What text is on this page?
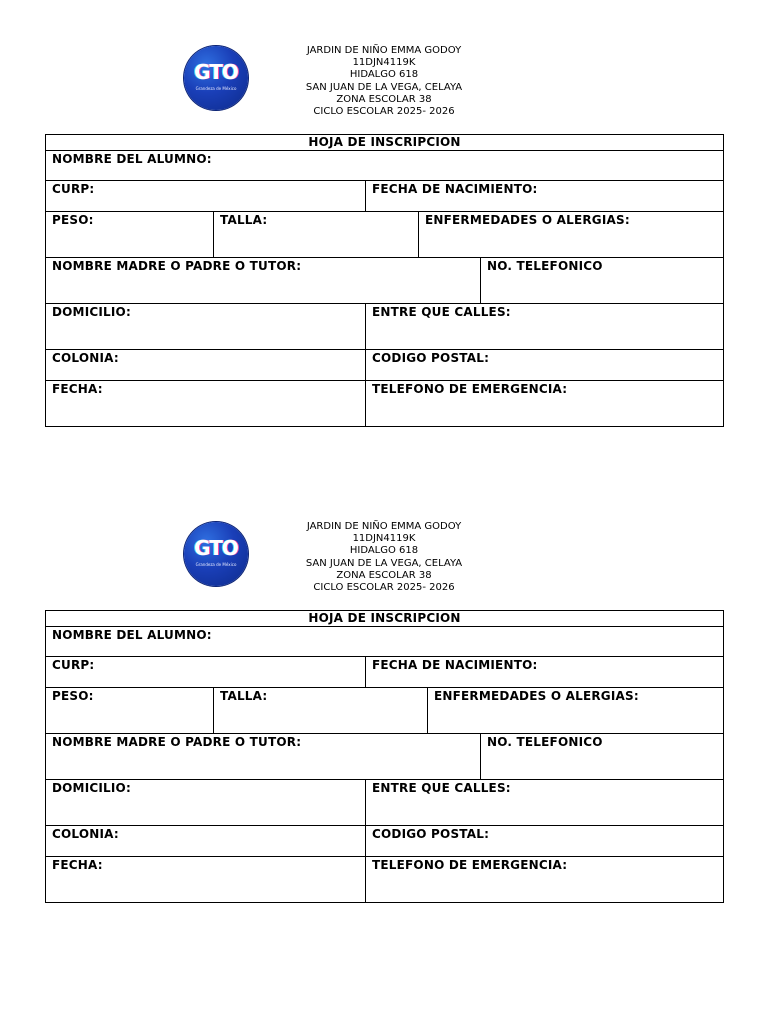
GTO
Grandeza de México
JARDIN DE NIÑO EMMA GODOY
11DJN4119K
HIDALGO 618
SAN JUAN DE LA VEGA, CELAYA
ZONA ESCOLAR 38
CICLO ESCOLAR 2025- 2026
HOJA DE INSCRIPCION				

NOMBRE DEL ALUMNO:				

CURP:		FECHA DE NACIMIENTO:		

PESO:	TALLA:		ENFERMEDADES O ALERGIAS:	

NOMBRE MADRE O PADRE O TUTOR:				NO. TELEFONICO

DOMICILIO:		ENTRE QUE CALLES:		

COLONIA:		CODIGO POSTAL:		

FECHA:		TELEFONO DE EMERGENCIA:		
GTO
Grandeza de México
JARDIN DE NIÑO EMMA GODOY
11DJN4119K
HIDALGO 618
SAN JUAN DE LA VEGA, CELAYA
ZONA ESCOLAR 38
CICLO ESCOLAR 2025- 2026
HOJA DE INSCRIPCION				

NOMBRE DEL ALUMNO:				

CURP:		FECHA DE NACIMIENTO:		

PESO:	TALLA:		ENFERMEDADES O ALERGIAS:	

NOMBRE MADRE O PADRE O TUTOR:				NO. TELEFONICO

DOMICILIO:		ENTRE QUE CALLES:		

COLONIA:		CODIGO POSTAL:		

FECHA:		TELEFONO DE EMERGENCIA:		
